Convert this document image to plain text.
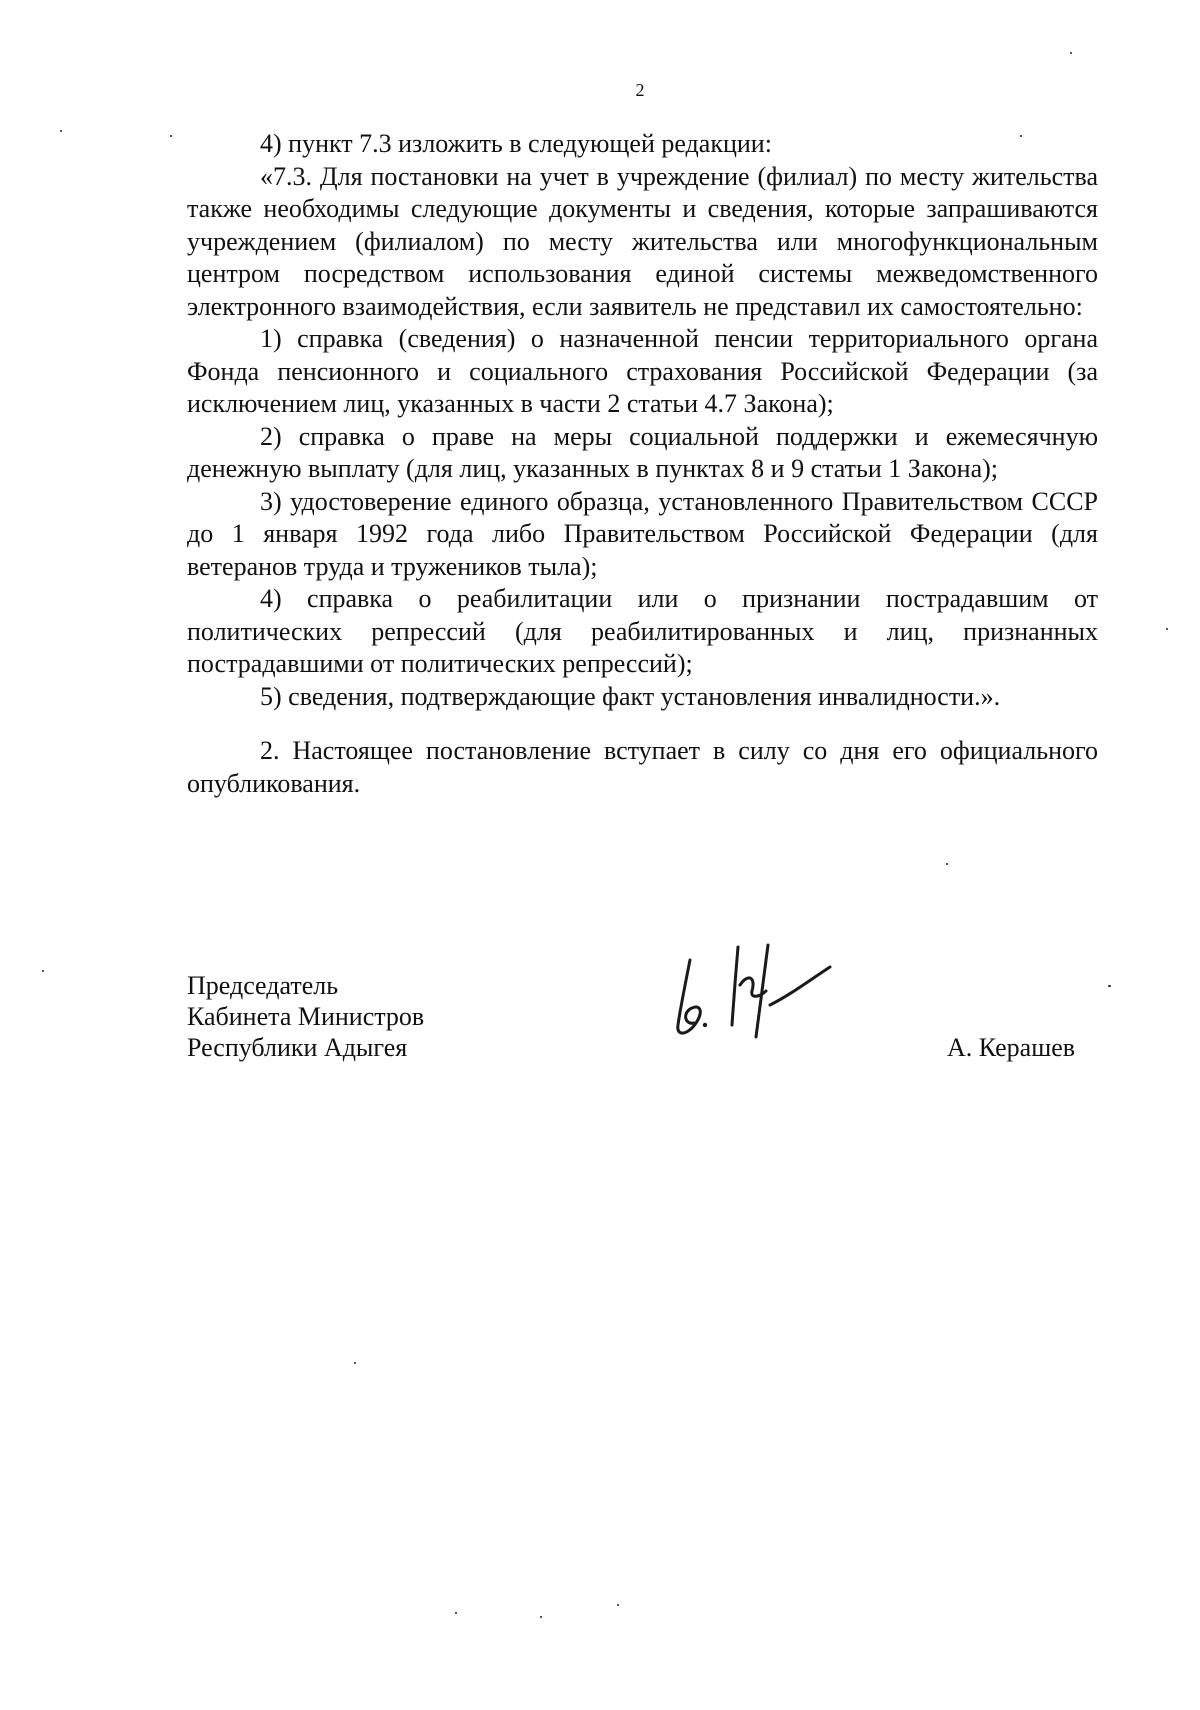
2

4) пункт 7.3 изложить в следующей редакции:

«7.3. Для постановки на учет в учреждение (филиал) по месту жительства также необходимы следующие документы и сведения, которые запрашиваются учреждением (филиалом) по месту жительства или многофункциональным центром посредством использования единой системы межведомственного электронного взаимодействия, если заявитель не представил их самостоятельно:

1) справка (сведения) о назначенной пенсии территориального органа Фонда пенсионного и социального страхования Российской Федерации (за исключением лиц, указанных в части 2 статьи 4.7 Закона);

2) справка о праве на меры социальной поддержки и ежемесячную денежную выплату (для лиц, указанных в пунктах 8 и 9 статьи 1 Закона);

3) удостоверение единого образца, установленного Правительством СССР до 1 января 1992 года либо Правительством Российской Федерации (для ветеранов труда и тружеников тыла);

4) справка о реабилитации или о признании пострадавшим от политических репрессий (для реабилитированных и лиц, признанных пострадавшими от политических репрессий);

5) сведения, подтверждающие факт установления инвалидности.».

2. Настоящее постановление вступает в силу со дня его официального опубликования.

Председатель
Кабинета Министров
Республики Адыгея	А. Керашев
